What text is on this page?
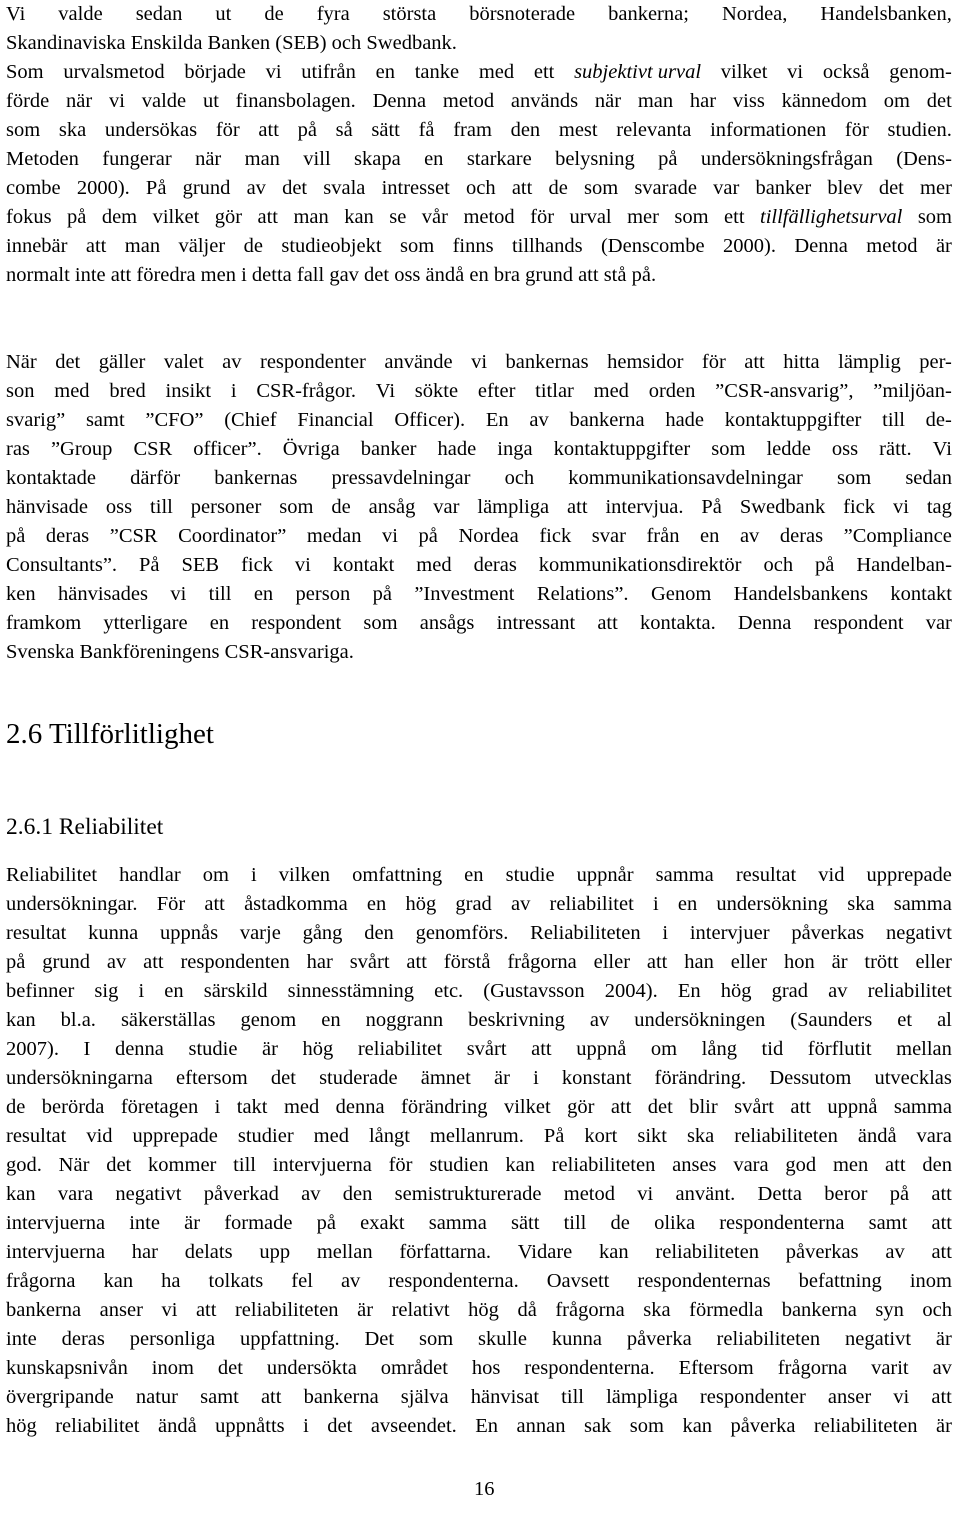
Vi valde sedan ut de fyra största börsnoterade bankerna; Nordea, Handelsbanken,
Skandinaviska Enskilda Banken (SEB) och Swedbank.
Som urvalsmetod började vi utifrån en tanke med ett subjektivt urval vilket vi också genom-
förde när vi valde ut finansbolagen. Denna metod används när man har viss kännedom om det
som ska undersökas för att på så sätt få fram den mest relevanta informationen för studien.
Metoden fungerar när man vill skapa en starkare belysning på undersökningsfrågan (Dens-
combe 2000). På grund av det svala intresset och att de som svarade var banker blev det mer
fokus på dem vilket gör att man kan se vår metod för urval mer som ett tillfällighetsurval som
innebär att man väljer de studieobjekt som finns tillhands (Denscombe 2000). Denna metod är
normalt inte att föredra men i detta fall gav det oss ändå en bra grund att stå på.
När det gäller valet av respondenter använde vi bankernas hemsidor för att hitta lämplig per-
son med bred insikt i CSR-frågor. Vi sökte efter titlar med orden ”CSR-ansvarig”, ”miljöan-
svarig” samt ”CFO” (Chief Financial Officer). En av bankerna hade kontaktuppgifter till de-
ras ”Group CSR officer”. Övriga banker hade inga kontaktuppgifter som ledde oss rätt. Vi
kontaktade därför bankernas pressavdelningar och kommunikationsavdelningar som sedan
hänvisade oss till personer som de ansåg var lämpliga att intervjua. På Swedbank fick vi tag
på deras ”CSR Coordinator” medan vi på Nordea fick svar från en av deras ”Compliance
Consultants”. På SEB fick vi kontakt med deras kommunikationsdirektör och på Handelban-
ken hänvisades vi till en person på ”Investment Relations”. Genom Handelsbankens kontakt
framkom ytterligare en respondent som ansågs intressant att kontakta. Denna respondent var
Svenska Bankföreningens CSR-ansvariga.
2.6 Tillförlitlighet
2.6.1 Reliabilitet
Reliabilitet handlar om i vilken omfattning en studie uppnår samma resultat vid upprepade
undersökningar. För att åstadkomma en hög grad av reliabilitet i en undersökning ska samma
resultat kunna uppnås varje gång den genomförs. Reliabiliteten i intervjuer påverkas negativt
på grund av att respondenten har svårt att förstå frågorna eller att han eller hon är trött eller
befinner sig i en särskild sinnesstämning etc. (Gustavsson 2004). En hög grad av reliabilitet
kan bl.a. säkerställas genom en noggrann beskrivning av undersökningen (Saunders et al
2007). I denna studie är hög reliabilitet svårt att uppnå om lång tid förflutit mellan
undersökningarna eftersom det studerade ämnet är i konstant förändring. Dessutom utvecklas
de berörda företagen i takt med denna förändring vilket gör att det blir svårt att uppnå samma
resultat vid upprepade studier med långt mellanrum. På kort sikt ska reliabiliteten ändå vara
god. När det kommer till intervjuerna för studien kan reliabiliteten anses vara god men att den
kan vara negativt påverkad av den semistrukturerade metod vi använt. Detta beror på att
intervjuerna inte är formade på exakt samma sätt till de olika respondenterna samt att
intervjuerna har delats upp mellan författarna. Vidare kan reliabiliteten påverkas av att
frågorna kan ha tolkats fel av respondenterna. Oavsett respondenternas befattning inom
bankerna anser vi att reliabiliteten är relativt hög då frågorna ska förmedla bankerna syn och
inte deras personliga uppfattning. Det som skulle kunna påverka reliabiliteten negativt är
kunskapsnivån inom det undersökta området hos respondenterna. Eftersom frågorna varit av
övergripande natur samt att bankerna själva hänvisat till lämpliga respondenter anser vi att
hög reliabilitet ändå uppnåtts i det avseendet. En annan sak som kan påverka reliabiliteten är
16
